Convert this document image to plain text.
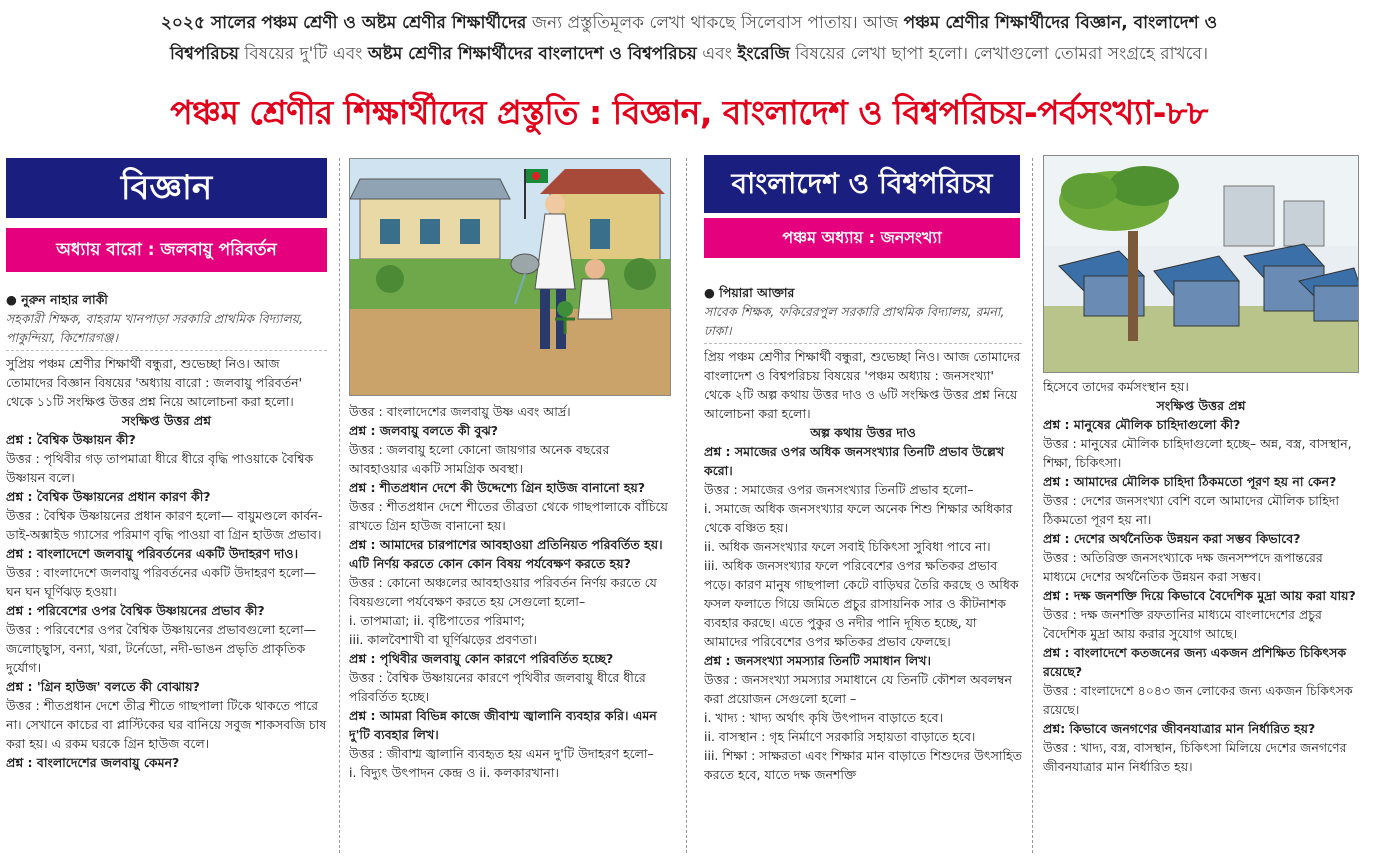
২০২৫ সালের পঞ্চম শ্রেণী ও অষ্টম শ্রেণীর শিক্ষার্থীদের জন্য প্রস্তুতিমূলক লেখা থাকছে সিলেবাস পাতায়। আজ পঞ্চম শ্রেণীর শিক্ষার্থীদের বিজ্ঞান, বাংলাদেশ ও
বিশ্বপরিচয় বিষয়ের দু'টি এবং অষ্টম শ্রেণীর শিক্ষার্থীদের বাংলাদেশ ও বিশ্বপরিচয় এবং ইংরেজি বিষয়ের লেখা ছাপা হলো। লেখাগুলো তোমরা সংগ্রহে রাখবে।
পঞ্চম শ্রেণীর শিক্ষার্থীদের প্রস্তুতি : বিজ্ঞান, বাংলাদেশ ও বিশ্বপরিচয়-পর্বসংখ্যা-৮৮
বিজ্ঞান
অধ্যায় বারো : জলবায়ু পরিবর্তন

● নুরুন নাহার লাকী

সহকারী শিক্ষক, বাহরাম খানপাড়া সরকারি প্রাথমিক বিদ্যালয়, পাকুন্দিয়া, কিশোরগঞ্জ।

সুপ্রিয় পঞ্চম শ্রেণীর শিক্ষার্থী বন্ধুরা, শুভেচ্ছা নিও। আজ তোমাদের বিজ্ঞান বিষয়ের 'অধ্যায় বারো : জলবায়ু পরিবর্তন' থেকে ১১টি সংক্ষিপ্ত উত্তর প্রশ্ন নিয়ে আলোচনা করা হলো।

সংক্ষিপ্ত উত্তর প্রশ্ন

প্রশ্ন : বৈশ্বিক উষ্ণায়ন কী?

উত্তর : পৃথিবীর গড় তাপমাত্রা ধীরে ধীরে বৃদ্ধি পাওয়াকে বৈশ্বিক উষ্ণায়ন বলে।

প্রশ্ন : বৈশ্বিক উষ্ণায়নের প্রধান কারণ কী?

উত্তর : বৈশ্বিক উষ্ণায়নের প্রধান কারণ হলো— বায়ুমণ্ডলে কার্বন-ডাই-অক্সাইড গ্যাসের পরিমাণ বৃদ্ধি পাওয়া বা গ্রিন হাউজ প্রভাব।

প্রশ্ন : বাংলাদেশে জলবায়ু পরিবর্তনের একটি উদাহরণ দাও।

উত্তর : বাংলাদেশে জলবায়ু পরিবর্তনের একটি উদাহরণ হলো— ঘন ঘন ঘূর্ণিঝড় হওয়া।

প্রশ্ন : পরিবেশের ওপর বৈশ্বিক উষ্ণায়নের প্রভাব কী?

উত্তর : পরিবেশের ওপর বৈশ্বিক উষ্ণায়নের প্রভাবগুলো হলো— জলোচ্ছ্বাস, বন্যা, খরা, টর্নেডো, নদী-ভাঙন প্রভৃতি প্রাকৃতিক দুর্যোগ।

প্রশ্ন : 'গ্রিন হাউজ' বলতে কী বোঝায়?

উত্তর : শীতপ্রধান দেশে তীব্র শীতে গাছপালা টিকে থাকতে পারে না। সেখানে কাচের বা প্লাস্টিকের ঘর বানিয়ে সবুজ শাকসবজি চাষ করা হয়। এ রকম ঘরকে গ্রিন হাউজ বলে।

প্রশ্ন : বাংলাদেশের জলবায়ু কেমন?

উত্তর : বাংলাদেশের জলবায়ু উষ্ণ এবং আর্দ্র।

প্রশ্ন : জলবায়ু বলতে কী বুঝ?

উত্তর : জলবায়ু হলো কোনো জায়গার অনেক বছরের আবহাওয়ার একটি সামগ্রিক অবস্থা।

প্রশ্ন : শীতপ্রধান দেশে কী উদ্দেশ্যে গ্রিন হাউজ বানানো হয়?

উত্তর : শীতপ্রধান দেশে শীতের তীব্রতা থেকে গাছপালাকে বাঁচিয়ে রাখতে গ্রিন হাউজ বানানো হয়।

প্রশ্ন : আমাদের চারপাশের আবহাওয়া প্রতিনিয়ত পরিবর্তিত হয়। এটি নির্ণয় করতে কোন কোন বিষয় পর্যবেক্ষণ করতে হয়?

উত্তর : কোনো অঞ্চলের আবহাওয়ার পরিবর্তন নির্ণয় করতে যে বিষয়গুলো পর্যবেক্ষণ করতে হয় সেগুলো হলো–

i. তাপমাত্রা; ii. বৃষ্টিপাতের পরিমাণ;

iii. কালবৈশাখী বা ঘূর্ণিঝড়ের প্রবণতা।

প্রশ্ন : পৃথিবীর জলবায়ু কোন কারণে পরিবর্তিত হচ্ছে?

উত্তর : বৈশ্বিক উষ্ণায়নের কারণে পৃথিবীর জলবায়ু ধীরে ধীরে পরিবর্তিত হচ্ছে।

প্রশ্ন : আমরা বিভিন্ন কাজে জীবাশ্ম জ্বালানি ব্যবহার করি। এমন দু'টি ব্যবহার লিখ।

উত্তর : জীবাশ্ম জ্বালানি ব্যবহৃত হয় এমন দু'টি উদাহরণ হলো–

i. বিদ্যুৎ উৎপাদন কেন্দ্র ও ii. কলকারখানা।

বাংলাদেশ ও বিশ্বপরিচয়
পঞ্চম অধ্যায় : জনসংখ্যা

● পিয়ারা আক্তার

সাবেক শিক্ষক, ফকিরেরপুল সরকারি প্রাথমিক বিদ্যালয়, রমনা, ঢাকা।

প্রিয় পঞ্চম শ্রেণীর শিক্ষার্থী বন্ধুরা, শুভেচ্ছা নিও। আজ তোমাদের বাংলাদেশ ও বিশ্বপরিচয় বিষয়ের 'পঞ্চম অধ্যায় : জনসংখ্যা' থেকে ২টি অল্প কথায় উত্তর দাও ও ৬টি সংক্ষিপ্ত উত্তর প্রশ্ন নিয়ে আলোচনা করা হলো।

অল্প কথায় উত্তর দাও

প্রশ্ন : সমাজের ওপর অধিক জনসংখ্যার তিনটি প্রভাব উল্লেখ করো।

উত্তর : সমাজের ওপর জনসংখ্যার তিনটি প্রভাব হলো–

i. সমাজে অধিক জনসংখ্যার ফলে অনেক শিশু শিক্ষার অধিকার থেকে বঞ্চিত হয়।

ii. অধিক জনসংখ্যার ফলে সবাই চিকিৎসা সুবিধা পাবে না।

iii. অধিক জনসংখ্যার ফলে পরিবেশের ওপর ক্ষতিকর প্রভাব পড়ে। কারণ মানুষ গাছপালা কেটে বাড়িঘর তৈরি করছে ও অধিক ফসল ফলাতে গিয়ে জমিতে প্রচুর রাসায়নিক সার ও কীটনাশক ব্যবহার করছে। এতে পুকুর ও নদীর পানি দূষিত হচ্ছে, যা আমাদের পরিবেশের ওপর ক্ষতিকর প্রভাব ফেলছে।

প্রশ্ন : জনসংখ্যা সমস্যার তিনটি সমাধান লিখ।

উত্তর : জনসংখ্যা সমস্যার সমাধানে যে তিনটি কৌশল অবলম্বন করা প্রয়োজন সেগুলো হলো –

i. খাদ্য : খাদ্য অর্থাৎ কৃষি উৎপাদন বাড়াতে হবে।

ii. বাসস্থান : গৃহ নির্মাণে সরকারি সহায়তা বাড়াতে হবে।

iii. শিক্ষা : সাক্ষরতা এবং শিক্ষার মান বাড়াতে শিশুদের উৎসাহিত করতে হবে, যাতে দক্ষ জনশক্তি

হিসেবে তাদের কর্মসংস্থান হয়।

সংক্ষিপ্ত উত্তর প্রশ্ন

প্রশ্ন : মানুষের মৌলিক চাহিদাগুলো কী?

উত্তর : মানুষের মৌলিক চাহিদাগুলো হচ্ছে– অন্ন, বস্ত্র, বাসস্থান, শিক্ষা, চিকিৎসা।

প্রশ্ন : আমাদের মৌলিক চাহিদা ঠিকমতো পূরণ হয় না কেন?

উত্তর : দেশের জনসংখ্যা বেশি বলে আমাদের মৌলিক চাহিদা ঠিকমতো পূরণ হয় না।

প্রশ্ন : দেশের অর্থনৈতিক উন্নয়ন করা সম্ভব কিভাবে?

উত্তর : অতিরিক্ত জনসংখ্যাকে দক্ষ জনসম্পদে রূপান্তরের মাধ্যমে দেশের অর্থনৈতিক উন্নয়ন করা সম্ভব।

প্রশ্ন : দক্ষ জনশক্তি দিয়ে কিভাবে বৈদেশিক মুদ্রা আয় করা যায়?

উত্তর : দক্ষ জনশক্তি রফতানির মাধ্যমে বাংলাদেশের প্রচুর বৈদেশিক মুদ্রা আয় করার সুযোগ আছে।

প্রশ্ন : বাংলাদেশে কতজনের জন্য একজন প্রশিক্ষিত চিকিৎসক রয়েছে?

উত্তর : বাংলাদেশে ৪০৪৩ জন লোকের জন্য একজন চিকিৎসক রয়েছে।

প্রশ্ন: কিভাবে জনগণের জীবনযাত্রার মান নির্ধারিত হয়?

উত্তর : খাদ্য, বস্ত্র, বাসস্থান, চিকিৎসা মিলিয়ে দেশের জনগণের জীবনযাত্রার মান নির্ধারিত হয়।
